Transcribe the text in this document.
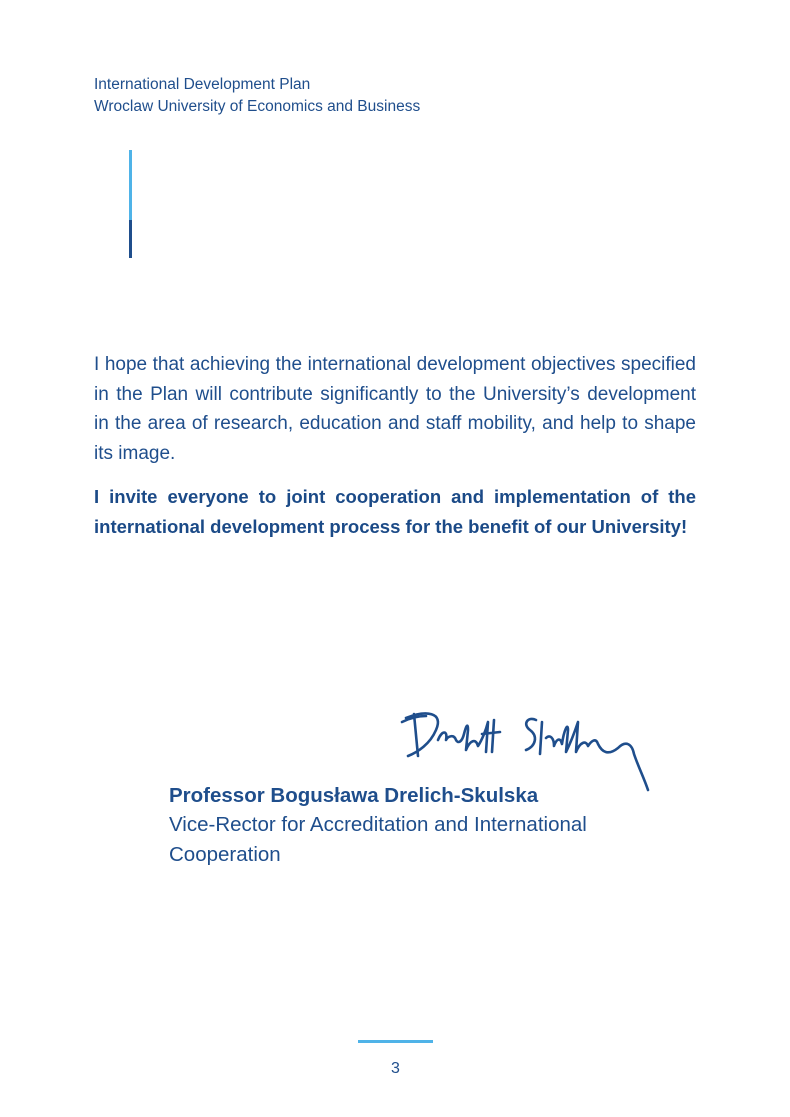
International Development Plan
Wroclaw University of Economics and Business

I hope that achieving the international development objectives specified in the Plan will contribute significantly to the University’s development in the area of research, education and staff mobility, and help to shape its image.

I invite everyone to joint cooperation and implementation of the international development process for the benefit of our University!

Professor Bogusława Drelich-Skulska
Vice-Rector for Accreditation and International Cooperation
3
